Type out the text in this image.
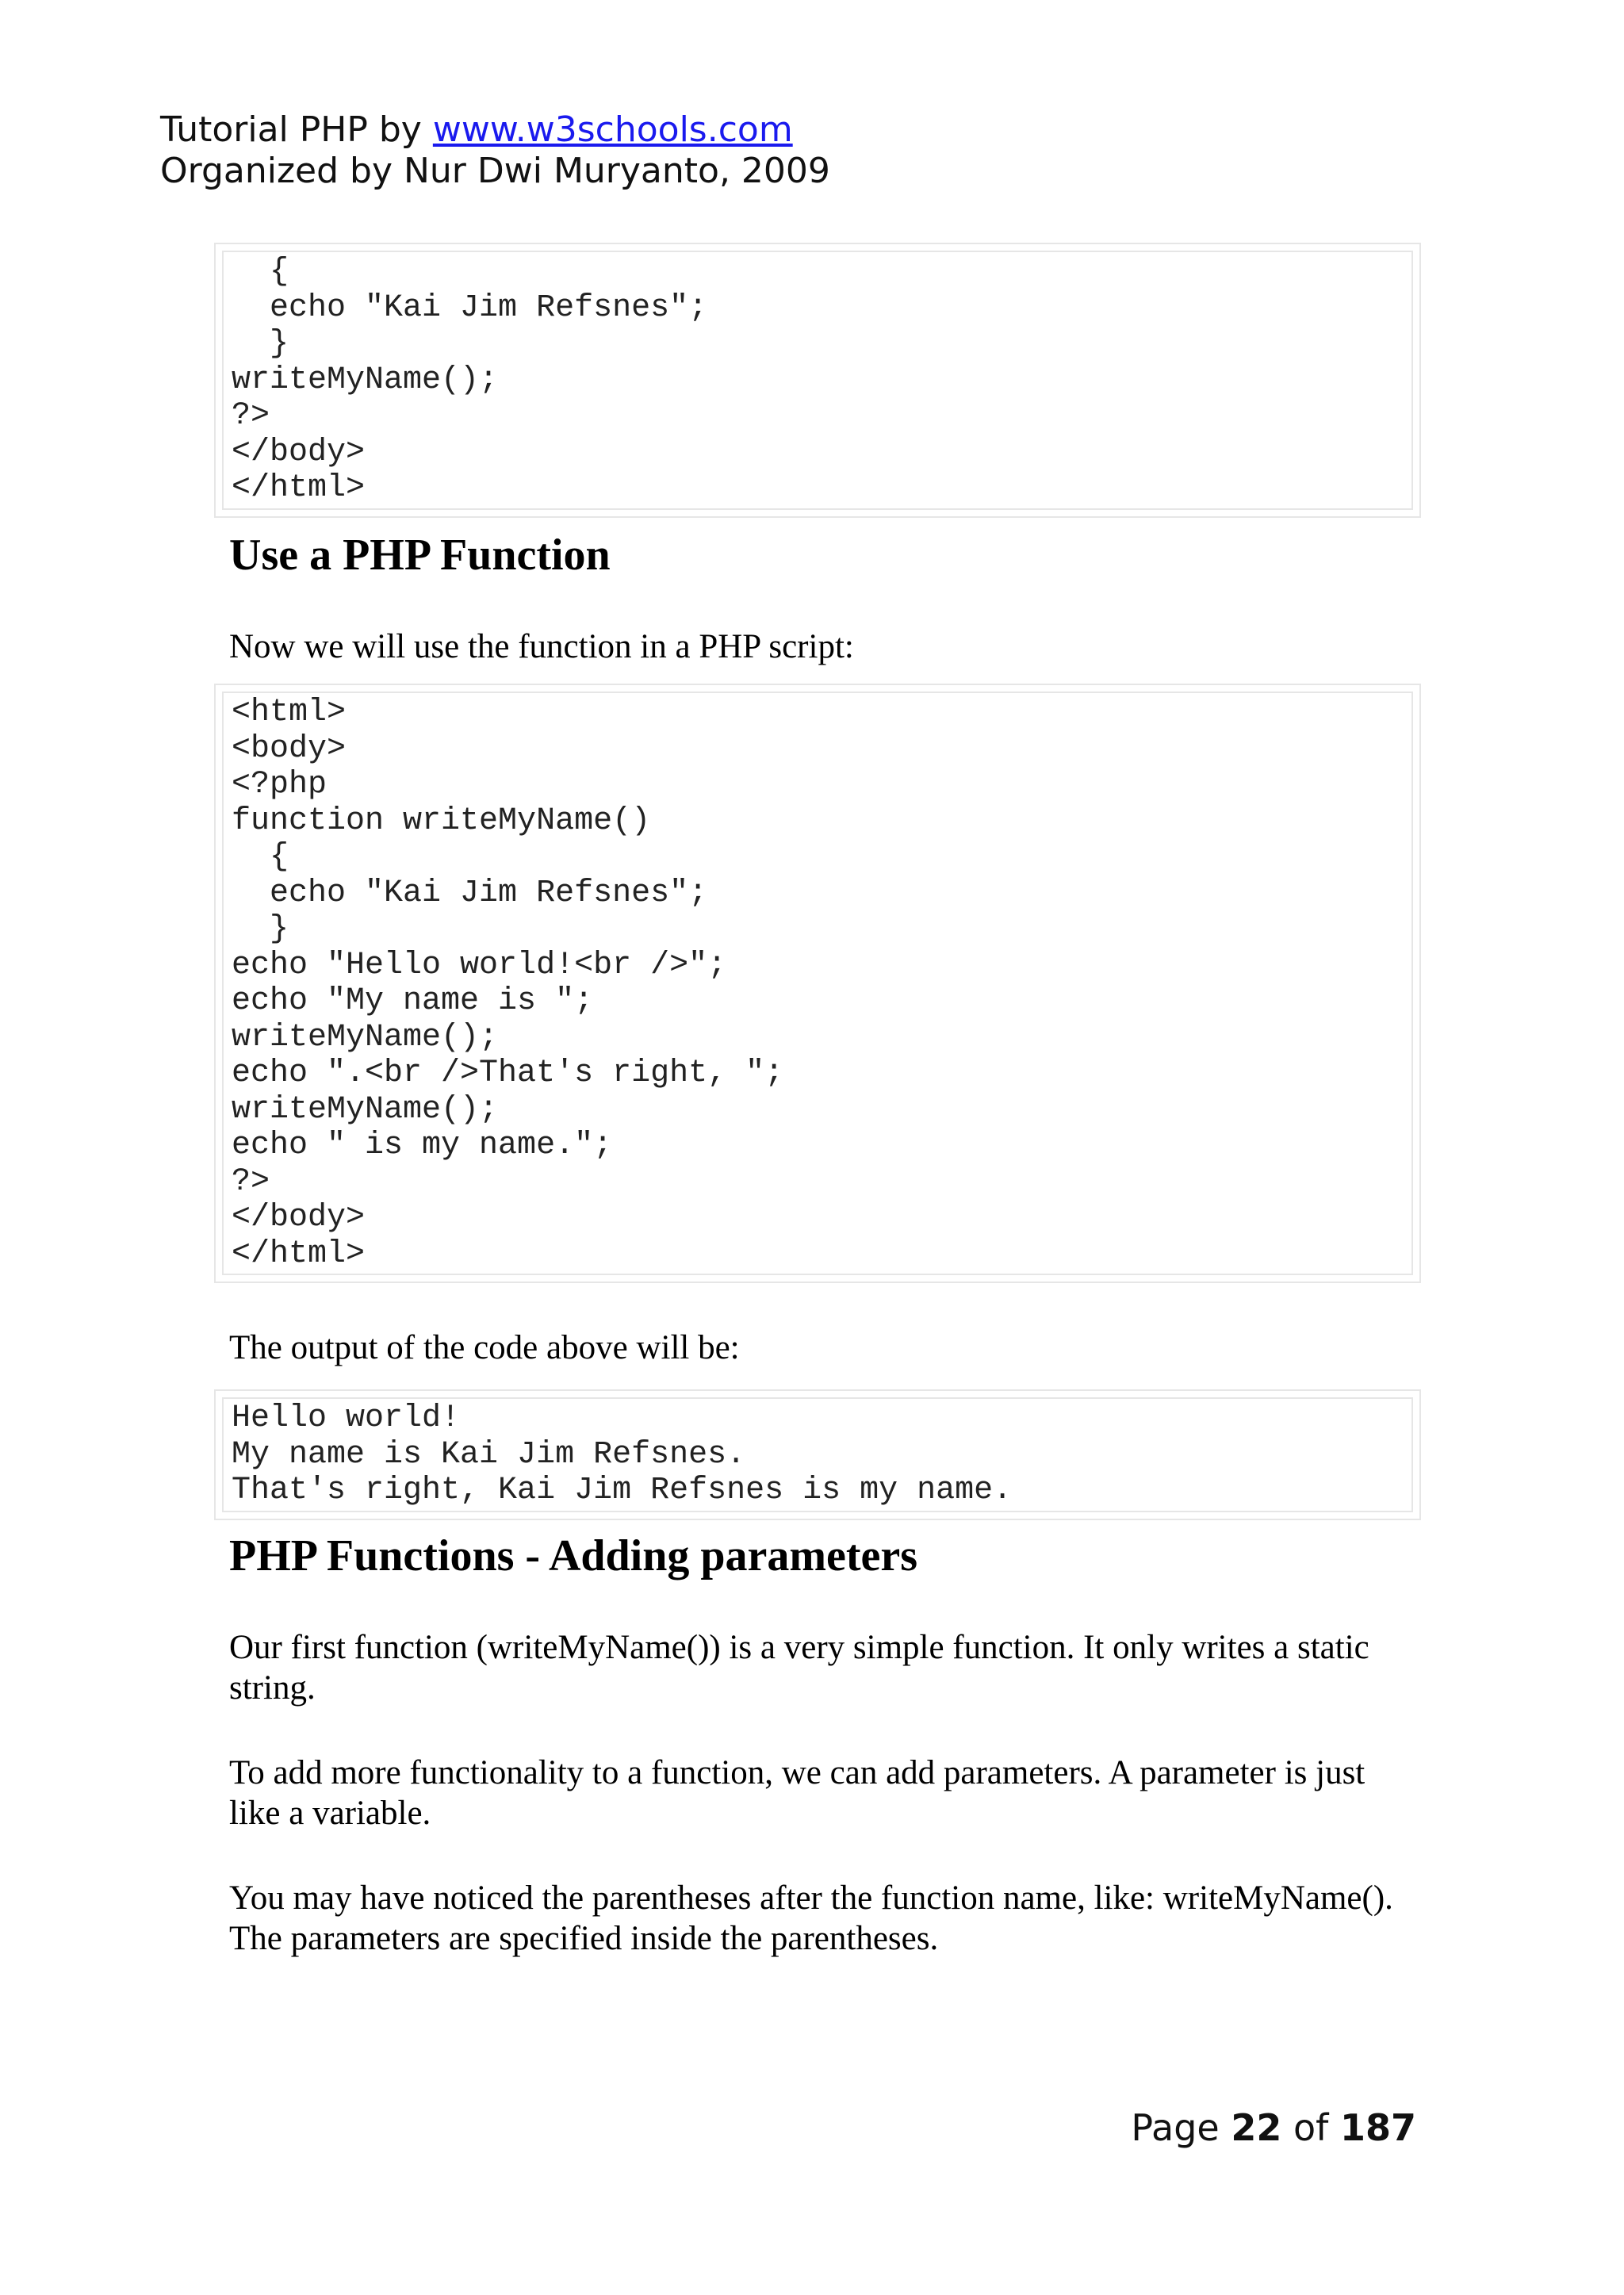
Tutorial PHP by www.w3schools.com
Organized by Nur Dwi Muryanto, 2009
{
echo "Kai Jim Refsnes";
}
writeMyName();
?>
</body>
</html>
Use a PHP Function

Now we will use the function in a PHP script:

<html>
<body>
<?php
function writeMyName()
{
echo "Kai Jim Refsnes";
}
echo "Hello world!<br />";
echo "My name is ";
writeMyName();
echo ".<br />That's right, ";
writeMyName();
echo " is my name.";
?>
</body>
</html>

The output of the code above will be:

Hello world!
My name is Kai Jim Refsnes.
That's right, Kai Jim Refsnes is my name.
PHP Functions - Adding parameters

Our first function (writeMyName()) is a very simple function. It only writes a static string.

To add more functionality to a function, we can add parameters. A parameter is just like a variable.

You may have noticed the parentheses after the function name, like: writeMyName(). The parameters are specified inside the parentheses.

Page 22 of 187
